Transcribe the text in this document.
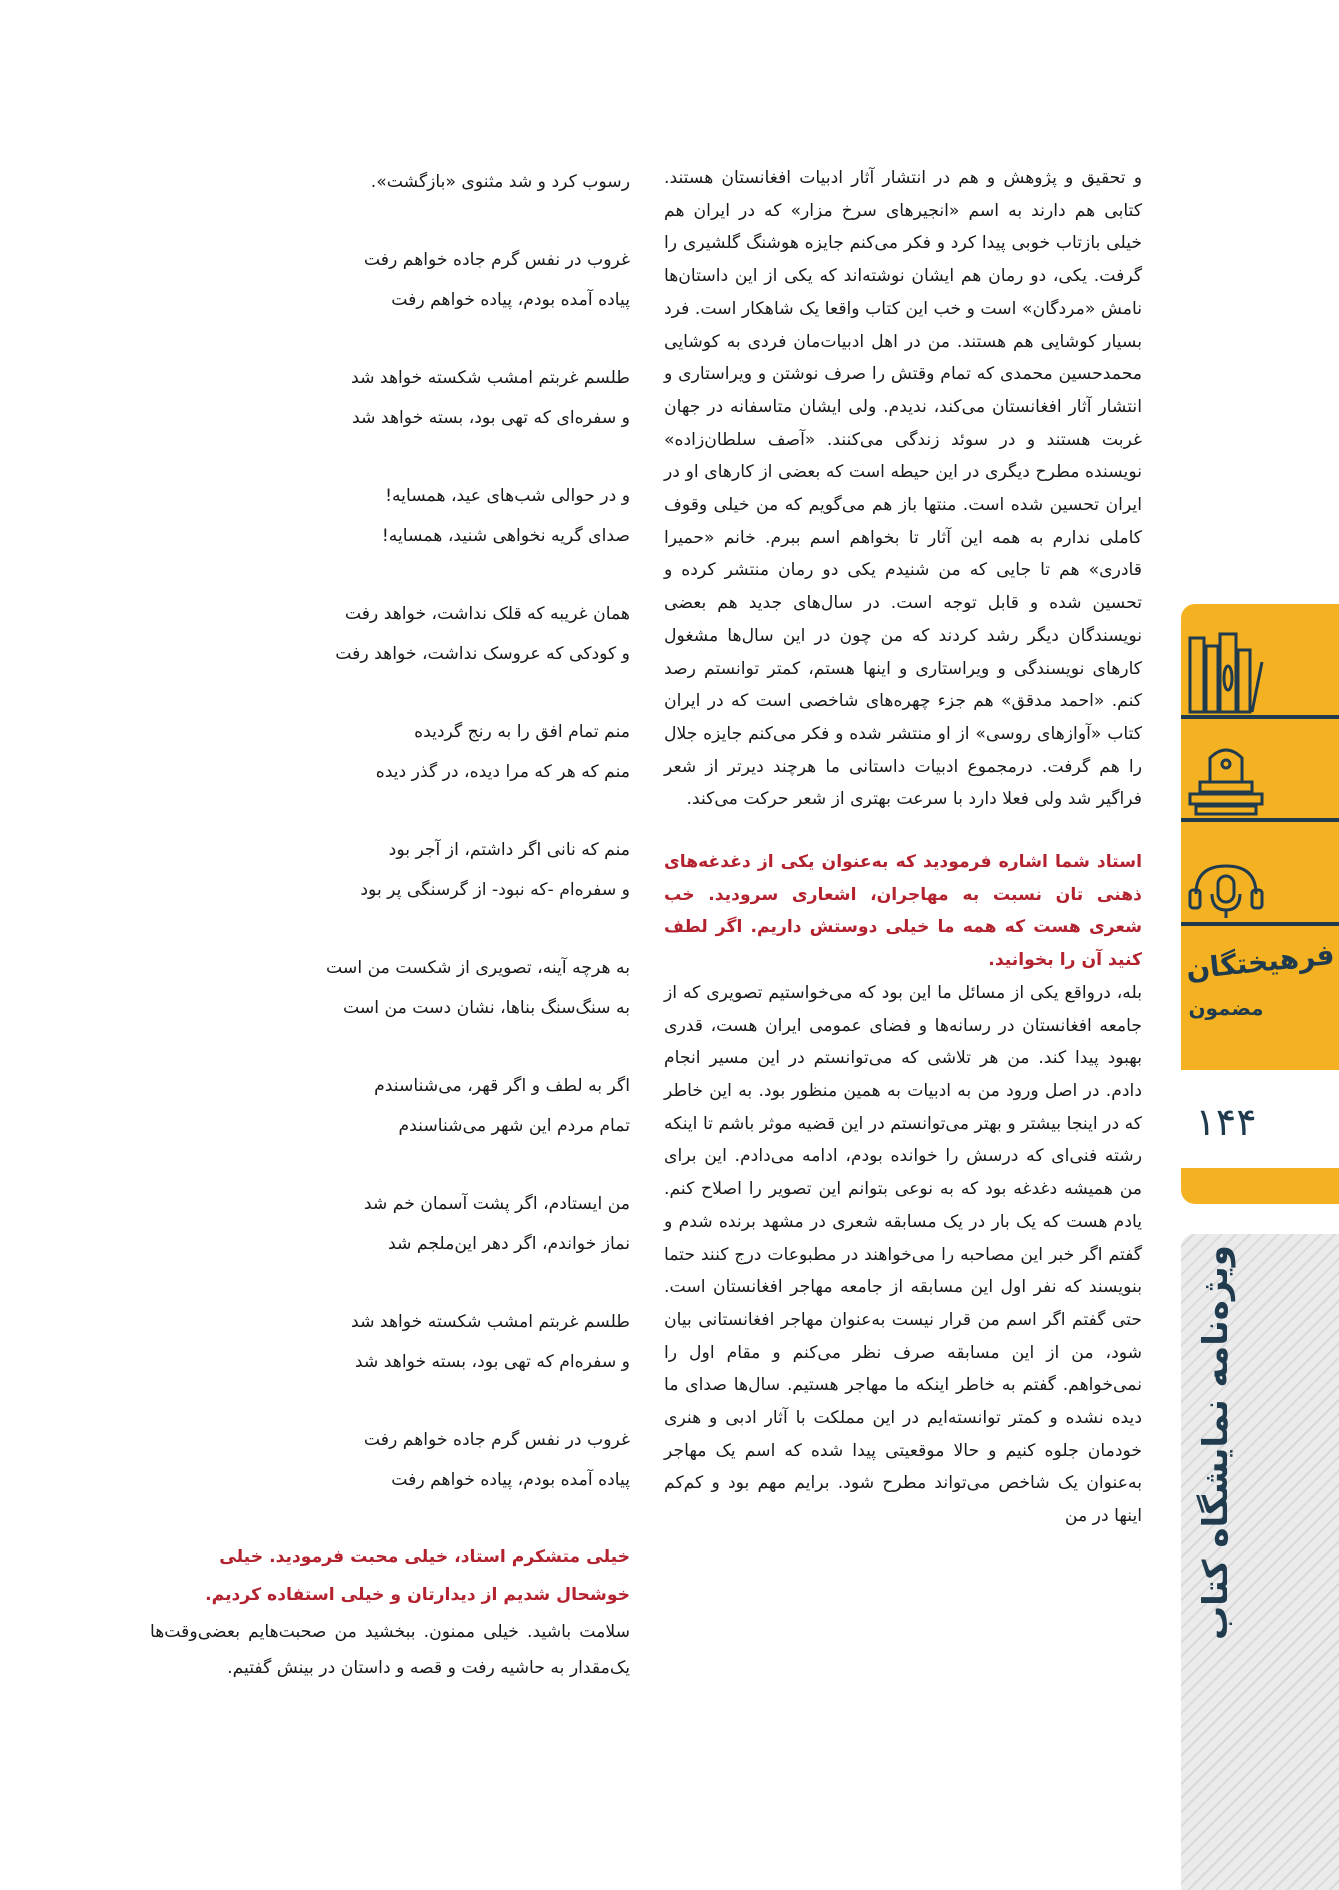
و تحقیق و پژوهش و هم در انتشار آثار ادبیات افغانستان هستند. کتابی هم دارند به اسم «انجیرهای سرخ مزار» که در ایران هم خیلی بازتاب خوبی پیدا کرد و فکر می‌کنم جایزه هوشنگ گلشیری را گرفت. یکی، دو رمان هم ایشان نوشته‌اند که یکی از این داستان‌ها نامش «مردگان» است و خب این کتاب واقعا یک شاهکار است. فرد بسیار کوشایی هم هستند. من در اهل ادبیات‌مان فردی به کوشایی محمدحسین محمدی که تمام وقتش را صرف نوشتن و ویراستاری و انتشار آثار افغانستان می‌کند، ندیدم. ولی ایشان متاسفانه در جهان غربت هستند و در سوئد زندگی می‌کنند. «آصف سلطان‌زاده» نویسنده مطرح دیگری در این حیطه است که بعضی از کارهای او در ایران تحسین شده است. منتها باز هم می‌گویم که من خیلی وقوف کاملی ندارم به همه این آثار تا بخواهم اسم ببرم. خانم «حمیرا قادری» هم تا جایی که من شنیدم یکی دو رمان منتشر کرده و تحسین شده و قابل توجه است. در سال‌های جدید هم بعضی نویسندگان دیگر رشد کردند که من چون در این سال‌ها مشغول کارهای نویسندگی و ویراستاری و اینها هستم، کمتر توانستم رصد کنم. «احمد مدقق» هم جزء چهره‌های شاخصی است که در ایران کتاب «آوازهای روسی» از او منتشر شده و فکر می‌کنم جایزه جلال را هم گرفت. درمجموع ادبیات داستانی ما هرچند دیرتر از شعر فراگیر شد ولی فعلا دارد با سرعت بهتری از شعر حرکت می‌کند.

استاد شما اشاره فرمودید که به‌عنوان یکی از دغدغه‌های ذهنی تان نسبت به مهاجران، اشعاری سرودید. خب شعری هست که همه ما خیلی دوستش داریم. اگر لطف کنید آن را بخوانید.

بله، درواقع یکی از مسائل ما این بود که می‌خواستیم تصویری که از جامعه افغانستان در رسانه‌ها و فضای عمومی ایران هست، قدری بهبود پیدا کند. من هر تلاشی که می‌توانستم در این مسیر انجام دادم. در اصل ورود من به ادبیات به همین منظور بود. به این خاطر که در اینجا بیشتر و بهتر می‌توانستم در این قضیه موثر باشم تا اینکه رشته فنی‌ای که درسش را خوانده بودم، ادامه می‌دادم. این برای من همیشه دغدغه بود که به نوعی بتوانم این تصویر را اصلاح کنم. یادم هست که یک بار در یک مسابقه شعری در مشهد برنده شدم و گفتم اگر خبر این مصاحبه را می‌خواهند در مطبوعات درج کنند حتما بنویسند که نفر اول این مسابقه از جامعه مهاجر افغانستان است. حتی گفتم اگر اسم من قرار نیست به‌عنوان مهاجر افغانستانی بیان شود، من از این مسابقه صرف نظر می‌کنم و مقام اول را نمی‌خواهم. گفتم به خاطر اینکه ما مهاجر هستیم. سال‌ها صدای ما دیده نشده و کمتر توانسته‌ایم در این مملکت با آثار ادبی و هنری خودمان جلوه کنیم و حالا موقعیتی پیدا شده که اسم یک مهاجر به‌عنوان یک شاخص می‌تواند مطرح شود. برایم مهم بود و کم‌کم اینها در من

رسوب کرد و شد مثنوی «بازگشت».
غروب در نفس گرم جاده خواهم رفت
پیاده آمده بودم، پیاده خواهم رفت
طلسم غربتم امشب شکسته خواهد شد
و سفره‌ای که تهی بود، بسته خواهد شد
و در حوالی شب‌های عید، همسایه!
صدای گریه نخواهی شنید، همسایه!
همان غریبه که قلک نداشت، خواهد رفت
و کودکی که عروسک نداشت، خواهد رفت
منم تمام افق را به رنج گردیده
منم که هر که مرا دیده، در گذر دیده
منم که نانی اگر داشتم، از آجر بود
و سفره‌ام -که نبود- از گرسنگی پر بود
به هرچه آینه، تصویری از شکست من است
به سنگ‌سنگ بناها، نشان دست من است
اگر به لطف و اگر قهر، می‌شناسندم
تمام مردم این شهر می‌شناسندم
من ایستادم، اگر پشت آسمان خم شد
نماز خواندم، اگر دهر این‌ملجم شد
طلسم غربتم امشب شکسته خواهد شد
و سفره‌ام که تهی بود، بسته خواهد شد
غروب در نفس گرم جاده خواهم رفت
پیاده آمده بودم، پیاده خواهم رفت

خیلی متشکرم استاد، خیلی محبت فرمودید. خیلی خوشحال شدیم از دیدارتان و خیلی استفاده کردیم.

سلامت باشید. خیلی ممنون. ببخشید من صحبت‌هایم بعضی‌وقت‌ها یک‌مقدار به حاشیه رفت و قصه و داستان در بینش گفتیم.

فرهیختگان
مضمون
۱۴۴
ویژه‌نامه نمایشگاه کتاب
